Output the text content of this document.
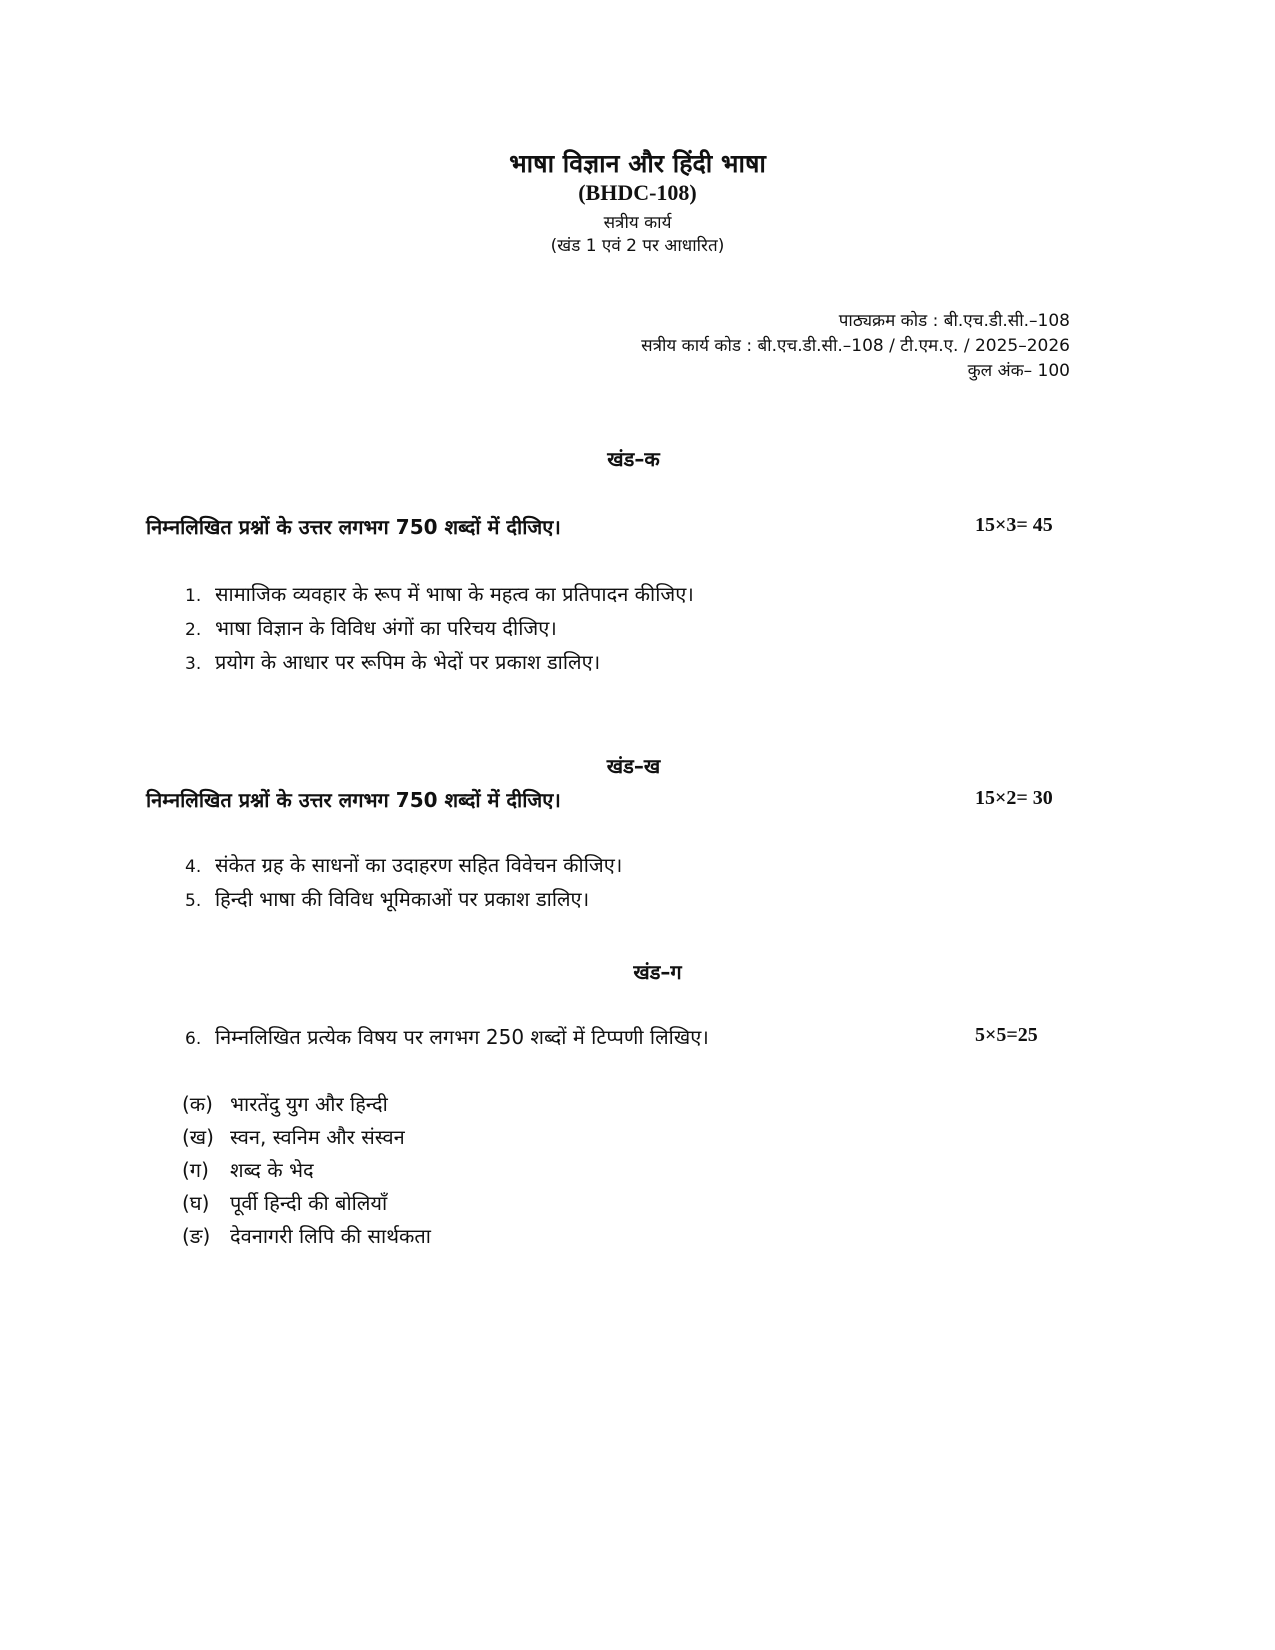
भाषा विज्ञान और हिंदी भाषा
(BHDC-108)
सत्रीय कार्य
(खंड 1 एवं 2 पर आधारित)
पाठ्यक्रम कोड : बी.एच.डी.सी.–108
सत्रीय कार्य कोड : बी.एच.डी.सी.–108 / टी.एम.ए. / 2025–2026
कुल अंक– 100
खंड–क
निम्नलिखित प्रश्नों के उत्तर लगभग 750 शब्दों में दीजिए।	15×3= 45
1. सामाजिक व्यवहार के रूप में भाषा के महत्व का प्रतिपादन कीजिए।
2. भाषा विज्ञान के विविध अंगों का परिचय दीजिए।
3. प्रयोग के आधार पर रूपिम के भेदों पर प्रकाश डालिए।
खंड–ख
निम्नलिखित प्रश्नों के उत्तर लगभग 750 शब्दों में दीजिए।	15×2= 30
4. संकेत ग्रह के साधनों का उदाहरण सहित विवेचन कीजिए।
5. हिन्दी भाषा की विविध भूमिकाओं पर प्रकाश डालिए।
खंड–ग
6. निम्नलिखित प्रत्येक विषय पर लगभग 250 शब्दों में टिप्पणी लिखिए।	5×5=25
(क) भारतेंदु युग और हिन्दी
(ख) स्वन, स्वनिम और संस्वन
(ग) शब्द के भेद
(घ) पूर्वी हिन्दी की बोलियाँ
(ङ) देवनागरी लिपि की सार्थकता
